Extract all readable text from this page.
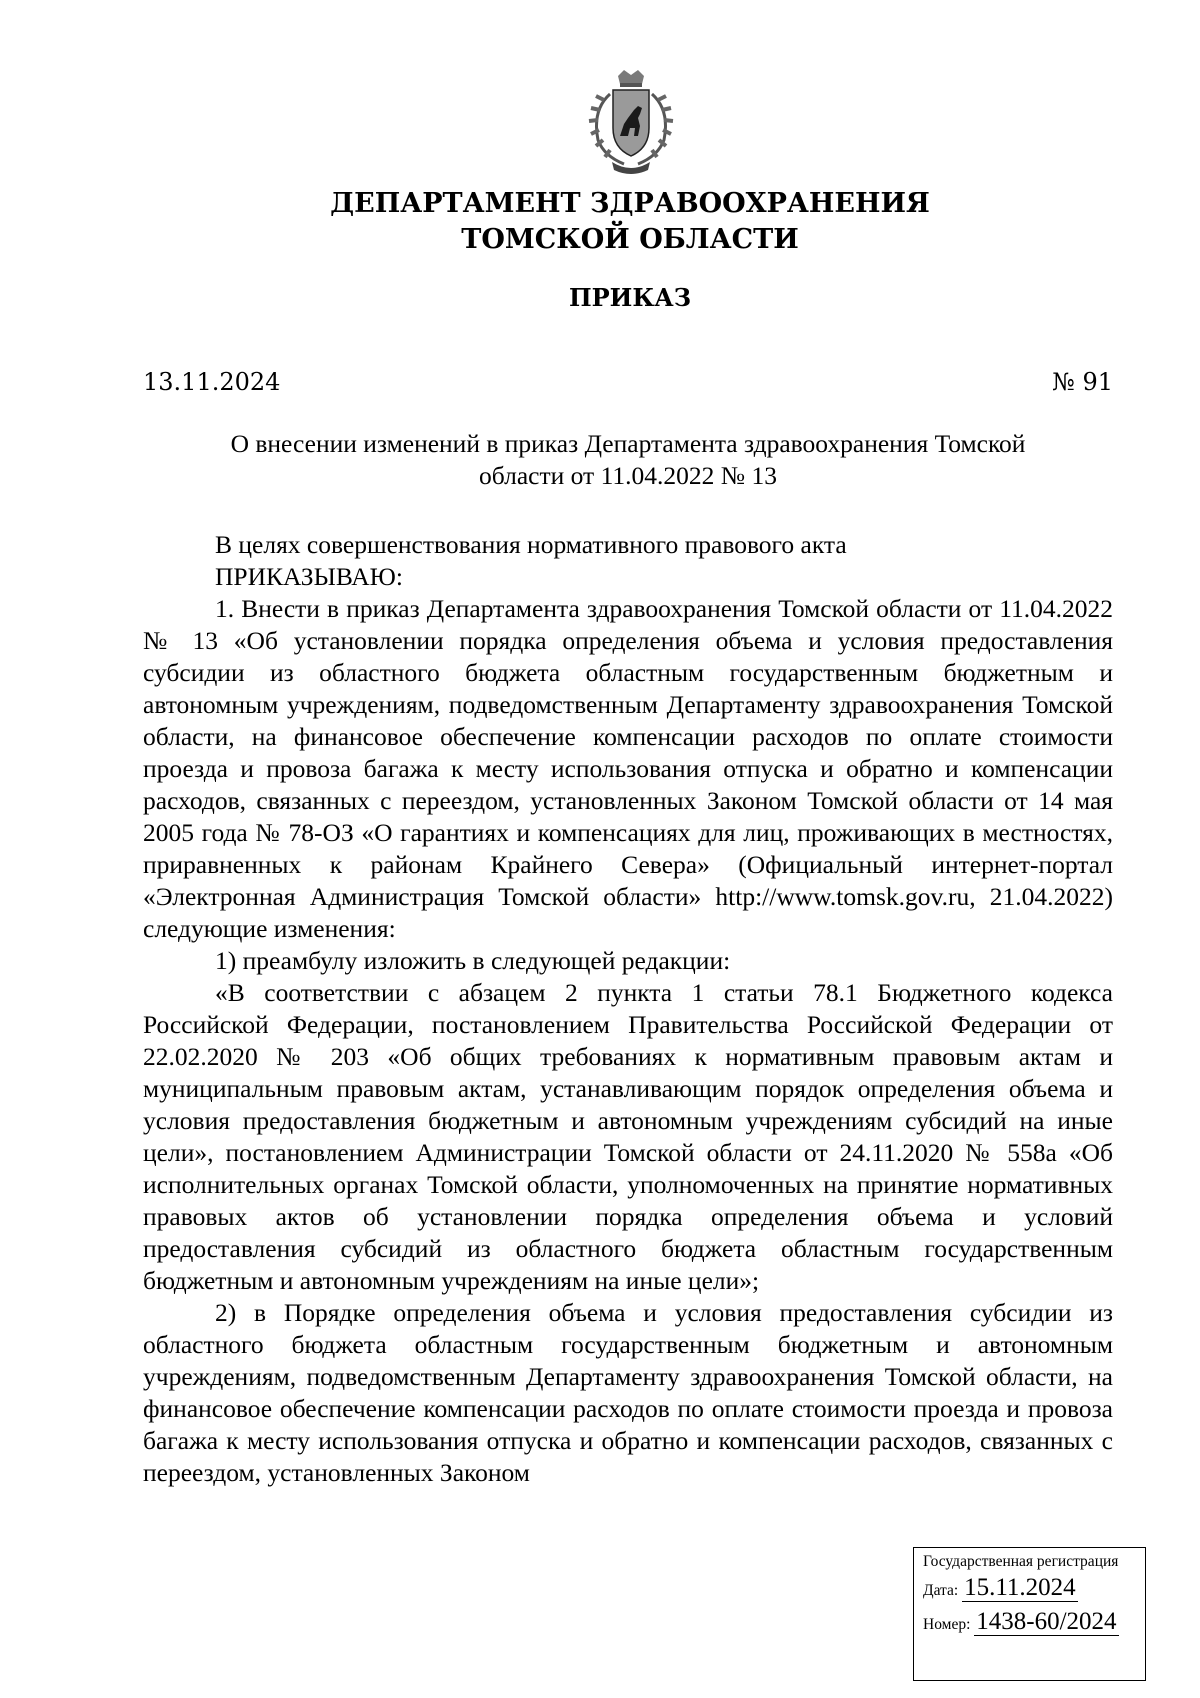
ДЕПАРТАМЕНТ ЗДРАВООХРАНЕНИЯ
ТОМСКОЙ ОБЛАСТИ
ПРИКАЗ
13.11.2024	№ 91
О внесении изменений в приказ Департамента здравоохранения Томской
области от 11.04.2022 № 13

В целях совершенствования нормативного правового акта

ПРИКАЗЫВАЮ:

1. Внести в приказ Департамента здравоохранения Томской области от 11.04.2022 № 13 «Об установлении порядка определения объема и условия предоставления субсидии из областного бюджета областным государственным бюджетным и автономным учреждениям, подведомственным Департаменту здравоохранения Томской области, на финансовое обеспечение компенсации расходов по оплате стоимости проезда и провоза багажа к месту использования отпуска и обратно и компенсации расходов, связанных с переездом, установленных Законом Томской области от 14 мая 2005 года № 78-ОЗ «О гарантиях и компенсациях для лиц, проживающих в местностях, приравненных к районам Крайнего Севера» (Официальный интернет-портал «Электронная Администрация Томской области» http://www.tomsk.gov.ru, 21.04.2022) следующие изменения:

1) преамбулу изложить в следующей редакции:

«В соответствии с абзацем 2 пункта 1 статьи 78.1 Бюджетного кодекса Российской Федерации, постановлением Правительства Российской Федерации от 22.02.2020 № 203 «Об общих требованиях к нормативным правовым актам и муниципальным правовым актам, устанавливающим порядок определения объема и условия предоставления бюджетным и автономным учреждениям субсидий на иные цели», постановлением Администрации Томской области от 24.11.2020 № 558а «Об исполнительных органах Томской области, уполномоченных на принятие нормативных правовых актов об установлении порядка определения объема и условий предоставления субсидий из областного бюджета областным государственным бюджетным и автономным учреждениям на иные цели»;

2) в Порядке определения объема и условия предоставления субсидии из областного бюджета областным государственным бюджетным и автономным учреждениям, подведомственным Департаменту здравоохранения Томской области, на финансовое обеспечение компенсации расходов по оплате стоимости проезда и провоза багажа к месту использования отпуска и обратно и компенсации расходов, связанных с переездом, установленных Законом

Государственная регистрация
Дата: 15.11.2024
Номер: 1438-60/2024
